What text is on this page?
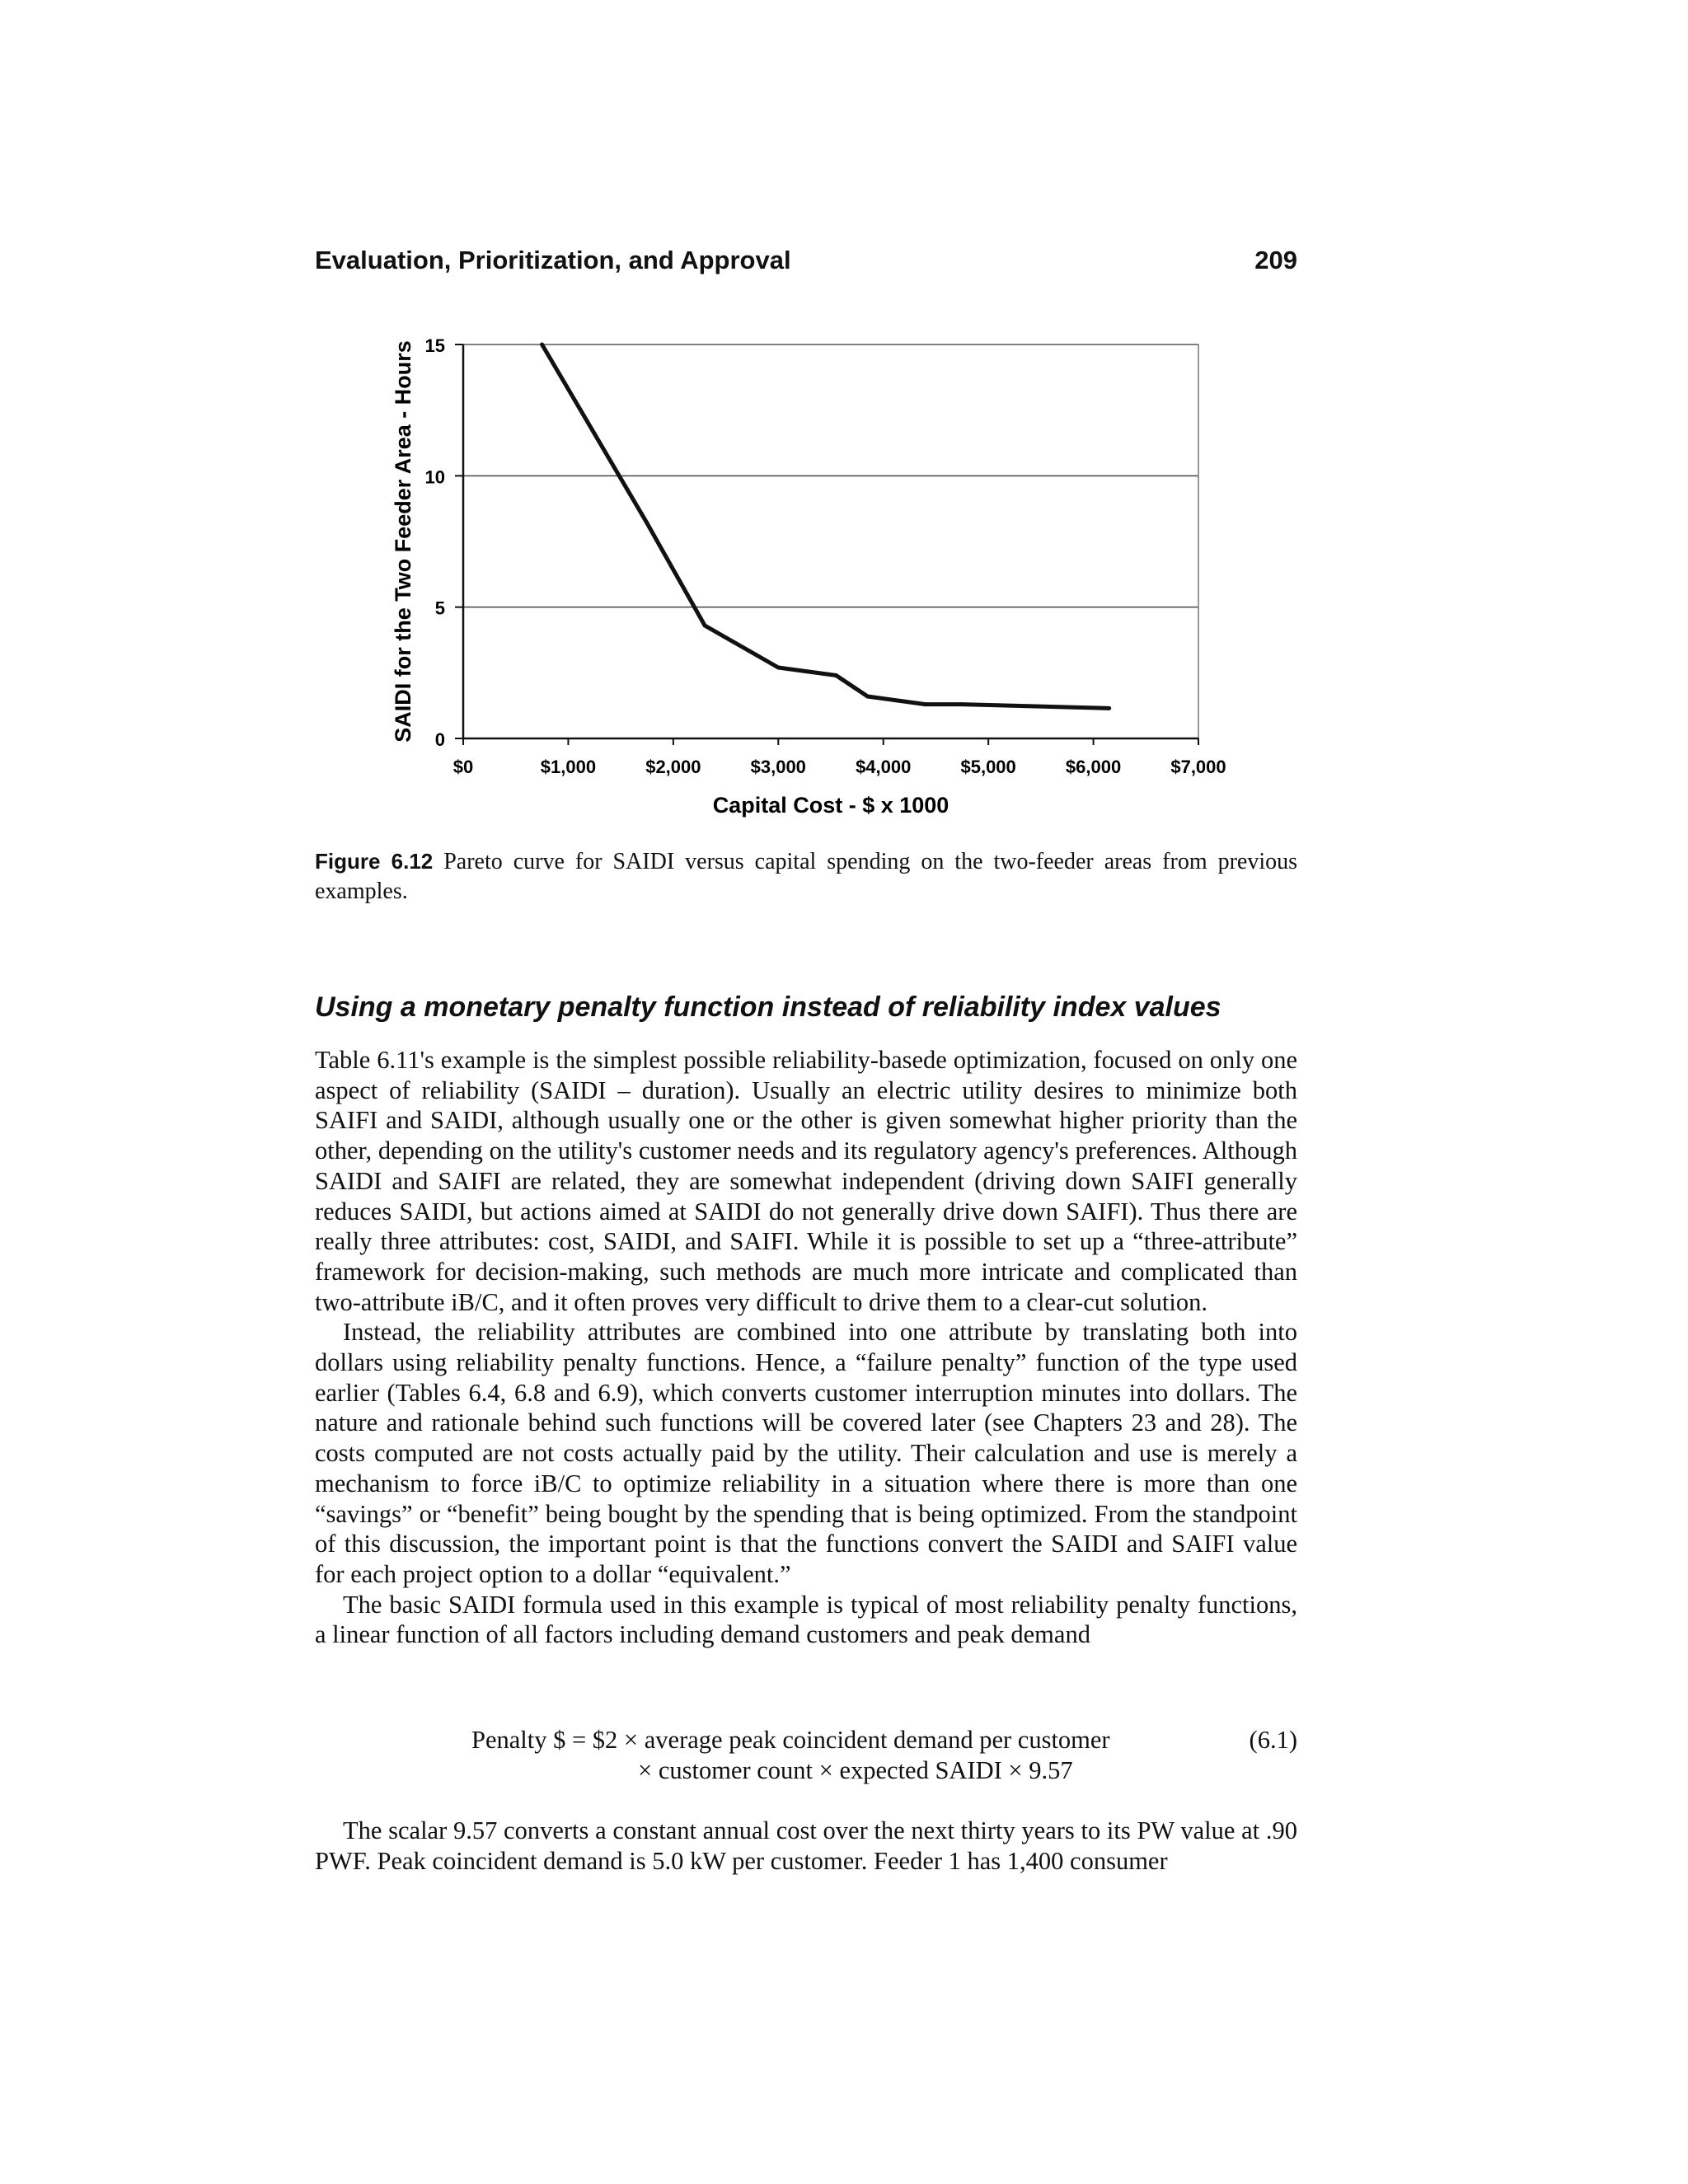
Evaluation, Prioritization, and Approval	209
0
5
10
15
$0	$1,000	$2,000	$3,000	$4,000	$5,000	$6,000	$7,000
Capital Cost - $ x 1000
SAIDI for the Two Feeder Area - Hours
Figure 6.12 Pareto curve for SAIDI versus capital spending on the two-feeder areas from previous examples.
Using a monetary penalty function instead of reliability index values

Table 6.11's example is the simplest possible reliability-basede optimization, focused on only one aspect of reliability (SAIDI – duration). Usually an electric utility desires to minimize both SAIFI and SAIDI, although usually one or the other is given somewhat higher priority than the other, depending on the utility's customer needs and its regulatory agency's preferences. Although SAIDI and SAIFI are related, they are somewhat independent (driving down SAIFI generally reduces SAIDI, but actions aimed at SAIDI do not generally drive down SAIFI). Thus there are really three attributes: cost, SAIDI, and SAIFI. While it is possible to set up a “three-attribute” framework for decision-making, such methods are much more intricate and complicated than two-attribute iB/C, and it often proves very difficult to drive them to a clear-cut solution.

Instead, the reliability attributes are combined into one attribute by translating both into dollars using reliability penalty functions. Hence, a “failure penalty” function of the type used earlier (Tables 6.4, 6.8 and 6.9), which converts customer interruption minutes into dollars. The nature and rationale behind such functions will be covered later (see Chapters 23 and 28). The costs computed are not costs actually paid by the utility. Their calculation and use is merely a mechanism to force iB/C to optimize reliability in a situation where there is more than one “savings” or “benefit” being bought by the spending that is being optimized. From the standpoint of this discussion, the important point is that the functions convert the SAIDI and SAIFI value for each project option to a dollar “equivalent.”

The basic SAIDI formula used in this example is typical of most reliability penalty functions, a linear function of all factors including demand customers and peak demand

Penalty $ = $2 × average peak coincident demand per customer
× customer count × expected SAIDI × 9.57
(6.1)

The scalar 9.57 converts a constant annual cost over the next thirty years to its PW value at .90 PWF. Peak coincident demand is 5.0 kW per customer. Feeder 1 has 1,400 consumer
